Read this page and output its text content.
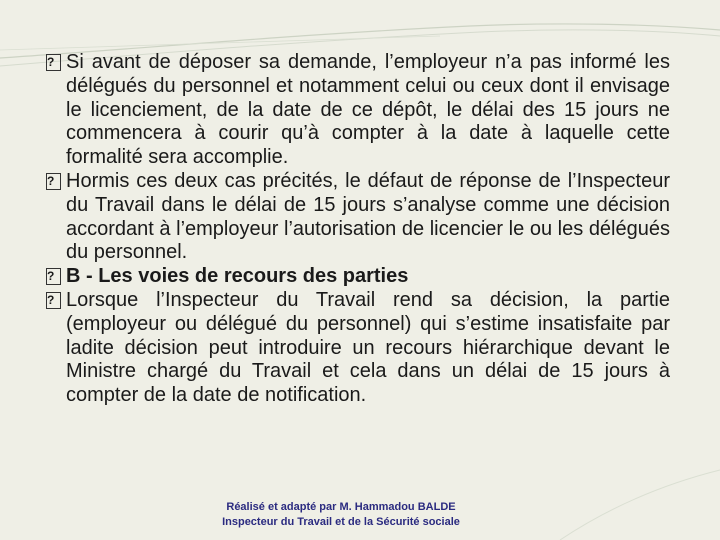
? Si avant de déposer sa demande, l’employeur n’a pas informé les délégués du personnel et notamment celui ou ceux dont il envisage le licenciement, de la date de ce dépôt, le délai des 15 jours ne commencera à courir qu’à compter à la date à laquelle cette formalité sera accomplie.
? Hormis ces deux cas précités, le défaut de réponse de l’Inspecteur du Travail dans le délai de 15 jours s’analyse comme une décision accordant à l’employeur l’autorisation de licencier le ou les délégués du personnel.
? B - Les voies de recours des parties
? Lorsque l’Inspecteur du Travail rend sa décision, la partie (employeur ou délégué du personnel) qui s’estime insatisfaite par ladite décision peut introduire un recours hiérarchique devant le Ministre chargé du Travail et cela dans un délai de 15 jours à compter de la date de notification.
Réalisé et adapté par M. Hammadou BALDE
Inspecteur du Travail et de la Sécurité sociale
